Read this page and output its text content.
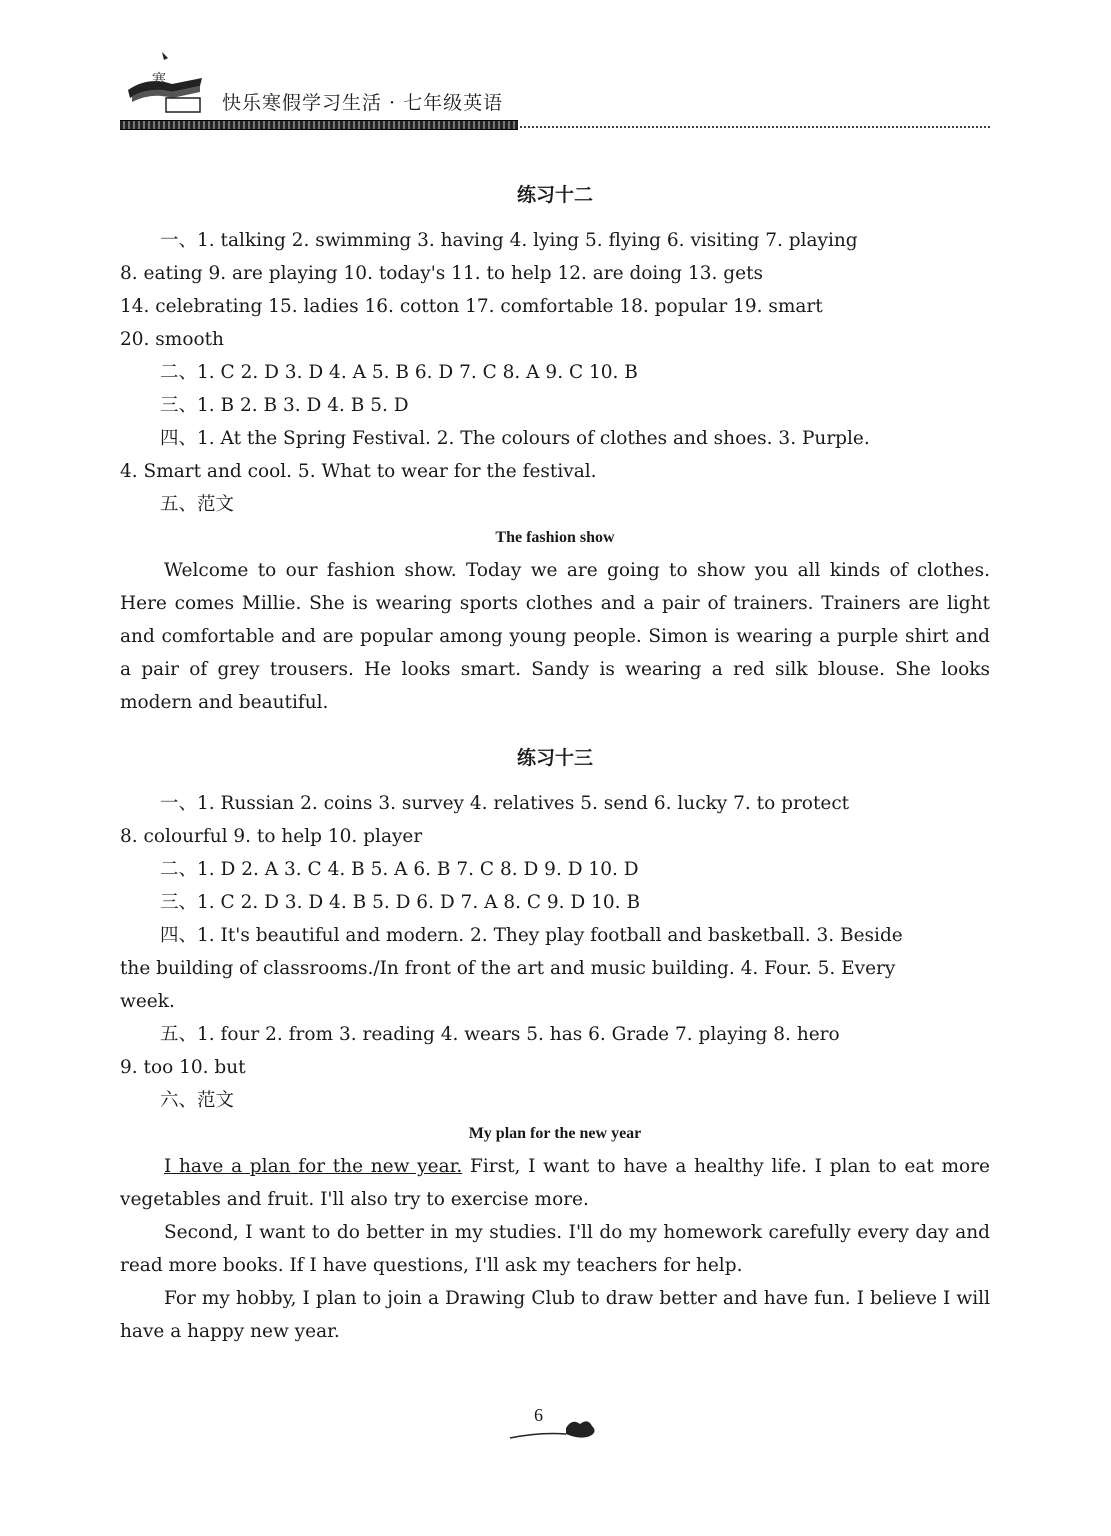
寒
快乐寒假学习生活 · 七年级英语
练习十二

一、1. talking 2. swimming 3. having 4. lying 5. flying 6. visiting 7. playing

8. eating 9. are playing 10. today's 11. to help 12. are doing 13. gets

14. celebrating 15. ladies 16. cotton 17. comfortable 18. popular 19. smart

20. smooth

二、1. C 2. D 3. D 4. A 5. B 6. D 7. C 8. A 9. C 10. B

三、1. B 2. B 3. D 4. B 5. D

四、1. At the Spring Festival. 2. The colours of clothes and shoes. 3. Purple.

4. Smart and cool. 5. What to wear for the festival.

五、范文

The fashion show

Welcome to our fashion show. Today we are going to show you all kinds of clothes. Here comes Millie. She is wearing sports clothes and a pair of trainers. Trainers are light and comfortable and are popular among young people. Simon is wearing a purple shirt and a pair of grey trousers. He looks smart. Sandy is wearing a red silk blouse. She looks modern and beautiful.

练习十三

一、1. Russian 2. coins 3. survey 4. relatives 5. send 6. lucky 7. to protect

8. colourful 9. to help 10. player

二、1. D 2. A 3. C 4. B 5. A 6. B 7. C 8. D 9. D 10. D

三、1. C 2. D 3. D 4. B 5. D 6. D 7. A 8. C 9. D 10. B

四、1. It's beautiful and modern. 2. They play football and basketball. 3. Beside

the building of classrooms./In front of the art and music building. 4. Four. 5. Every

week.

五、1. four 2. from 3. reading 4. wears 5. has 6. Grade 7. playing 8. hero

9. too 10. but

六、范文

My plan for the new year

I have a plan for the new year. First, I want to have a healthy life. I plan to eat more vegetables and fruit. I'll also try to exercise more.

Second, I want to do better in my studies. I'll do my homework carefully every day and read more books. If I have questions, I'll ask my teachers for help.

For my hobby, I plan to join a Drawing Club to draw better and have fun. I believe I will have a happy new year.

6
